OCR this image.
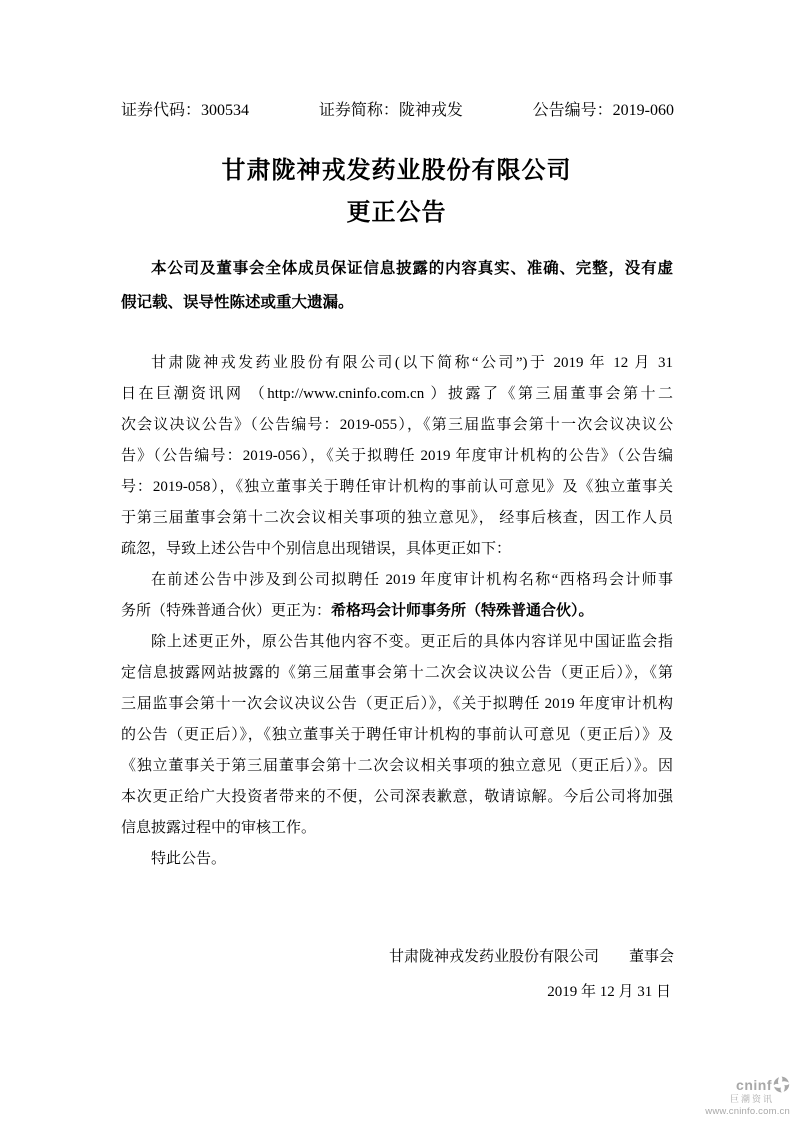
证券代码：300534	证券简称：陇神戎发	公告编号：2019-060
甘肃陇神戎发药业股份有限公司
更正公告
本公司及董事会全体成员保证信息披露的内容真实、准确、完整，没有虚
假记载、误导性陈述或重大遗漏。
甘肃陇神戎发药业股份有限公司(以下简称“公司”)于 2019 年 12 月 31
日在巨潮资讯网 （http://www.cninfo.com.cn ）披露了《第三届董事会第十二
次会议决议公告》（公告编号：2019-055），《第三届监事会第十一次会议决议公
告》（公告编号：2019-056），《关于拟聘任 2019 年度审计机构的公告》（公告编
号：2019-058），《独立董事关于聘任审计机构的事前认可意见》及《独立董事关
于第三届董事会第十二次会议相关事项的独立意见》， 经事后核查，因工作人员
疏忽，导致上述公告中个别信息出现错误，具体更正如下：
在前述公告中涉及到公司拟聘任 2019 年度审计机构名称“西格玛会计师事
务所（特殊普通合伙）更正为：希格玛会计师事务所（特殊普通合伙）。
除上述更正外，原公告其他内容不变。更正后的具体内容详见中国证监会指
定信息披露网站披露的《第三届董事会第十二次会议决议公告（更正后）》，《第
三届监事会第十一次会议决议公告（更正后）》，《关于拟聘任 2019 年度审计机构
的公告（更正后）》，《独立董事关于聘任审计机构的事前认可意见（更正后）》及
《独立董事关于第三届董事会第十二次会议相关事项的独立意见（更正后）》。因
本次更正给广大投资者带来的不便，公司深表歉意，敬请谅解。今后公司将加强
信息披露过程中的审核工作。
特此公告。
甘肃陇神戎发药业股份有限公司　　董事会
2019 年 12 月 31 日
cninf
巨潮资讯
www.cninfo.com.cn
